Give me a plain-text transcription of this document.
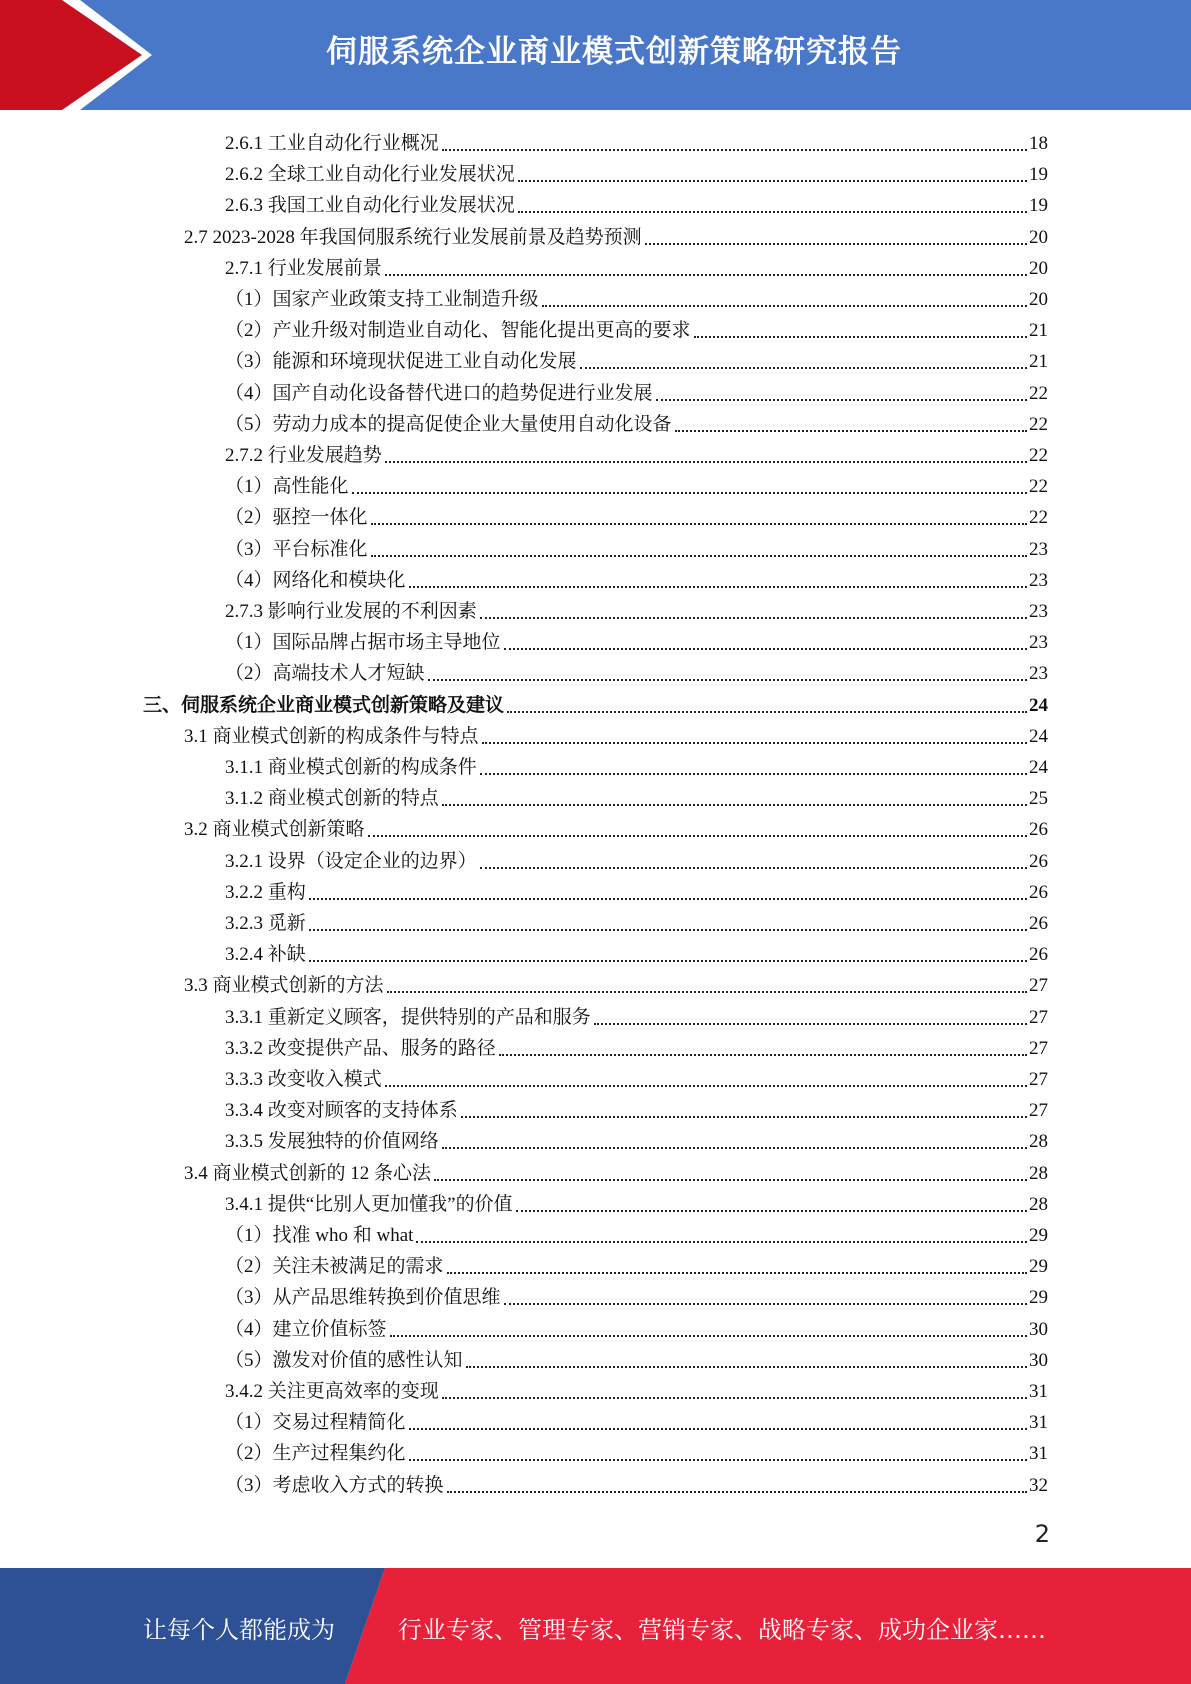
伺服系统企业商业模式创新策略研究报告
2.6.1 工业自动化行业概况	18
2.6.2 全球工业自动化行业发展状况	19
2.6.3 我国工业自动化行业发展状况	19
2.7 2023-2028 年我国伺服系统行业发展前景及趋势预测	20
2.7.1 行业发展前景	20
（1）国家产业政策支持工业制造升级	20
（2）产业升级对制造业自动化、智能化提出更高的要求	21
（3）能源和环境现状促进工业自动化发展	21
（4）国产自动化设备替代进口的趋势促进行业发展	22
（5）劳动力成本的提高促使企业大量使用自动化设备	22
2.7.2 行业发展趋势	22
（1）高性能化	22
（2）驱控一体化	22
（3）平台标准化	23
（4）网络化和模块化	23
2.7.3 影响行业发展的不利因素	23
（1）国际品牌占据市场主导地位	23
（2）高端技术人才短缺	23
三、伺服系统企业商业模式创新策略及建议	24
3.1 商业模式创新的构成条件与特点	24
3.1.1 商业模式创新的构成条件	24
3.1.2 商业模式创新的特点	25
3.2 商业模式创新策略	26
3.2.1 设界（设定企业的边界）	26
3.2.2 重构	26
3.2.3 觅新	26
3.2.4 补缺	26
3.3 商业模式创新的方法	27
3.3.1 重新定义顾客，提供特别的产品和服务	27
3.3.2 改变提供产品、服务的路径	27
3.3.3 改变收入模式	27
3.3.4 改变对顾客的支持体系	27
3.3.5 发展独特的价值网络	28
3.4 商业模式创新的 12 条心法	28
3.4.1 提供“比别人更加懂我”的价值	28
（1）找准 who 和 what	29
（2）关注未被满足的需求	29
（3）从产品思维转换到价值思维	29
（4）建立价值标签	30
（5）激发对价值的感性认知	30
3.4.2 关注更高效率的变现	31
（1）交易过程精简化	31
（2）生产过程集约化	31
（3）考虑收入方式的转换	32
2
让每个人都能成为	行业专家、管理专家、营销专家、战略专家、成功企业家……
